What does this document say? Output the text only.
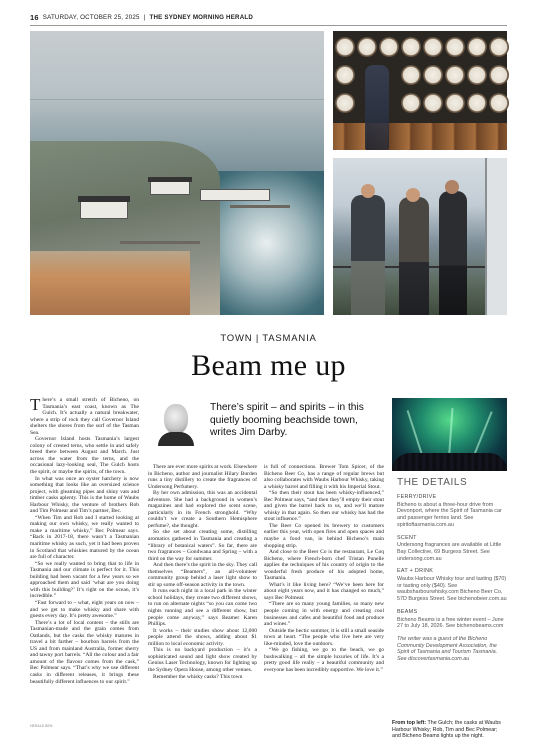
16 SATURDAY, OCTOBER 25, 2025 | THE SYDNEY MORNING HERALD
TOWN | TASMANIA
Beam me up
There’s spirit – and spirits – in this quietly booming beachside town, writes Jim Darby.

There’s a small stretch of Bicheno, on Tasmania’s east coast, known as The Gulch. It’s actually a natural breakwater, where a strip of rock they call Governor Island shelters the shores from the surf of the Tasman Sea.

Governor Island hosts Tasmania’s largest colony of crested terns, who settle in and safely breed there between August and March. Just across the water from the terns, and the occasional lazy-looking seal, The Gulch hosts the spirit, or maybe the spirits, of the town.

In what was once an oyster hatchery is now something that looks like an oversized science project, with gleaming pipes and shiny vats and timber casks aplenty. This is the home of Waubs Harbour Whisky, the venture of brothers Rob and Tim Polmear and Tim’s partner, Bec.

“When Tim and Rob and I started looking at making our own whisky, we really wanted to make a maritime whisky,” Bec Polmear says. “Back in 2017-18, there wasn’t a Tasmanian maritime whisky as such, yet it had been proven in Scotland that whiskies matured by the ocean are full of character.

“So we really wanted to bring that to life in Tasmania and our climate is perfect for it. This building had been vacant for a few years so we approached them and said ‘what are you doing with this building?’ It’s right on the ocean, it’s incredible.”

“Fast forward to – what, eight years on now – and we get to make whisky and share with guests every day. It’s pretty awesome.”

There’s a lot of local content – the stills are Tasmanian-made and the grain comes from Oatlands, but the casks the whisky matures in travel a bit farther – bourbon barrels from the US and from mainland Australia, former sherry and tawny port barrels. “All the colour and a fair amount of the flavour comes from the cask,” Bec Polmear says. “That’s why we use different casks in different releases, it brings these beautifully different influences to our spirit.”

There are ever more spirits at work. Elsewhere in Bicheno, author and journalist Hilary Burden runs a tiny distillery to create the fragrances of Undersong Perfumery.

By her own admission, this was an accidental adventure. She had a background in women’s magazines and had explored the scent scene, particularly in its French stronghold. “Why couldn’t we create a Southern Hemisphere perfume?, she thought.

So she set about creating some, distilling aromatics gathered in Tasmania and creating a “library of botanical waters”. So far, there are two fragrances – Gondwana and Spring – with a third on the way for summer.

And then there’s the spirit in the sky. They call themselves “Beamers”, an all-volunteer community group behind a laser light show to stir up some off-season activity in the town.

It runs each night in a local park in the winter school holidays, they create two different shows, to run on alternate nights “so you can come two nights running and see a different show, but people come anyway,” says Beamer Karen Phillips.

It works – their studies show about 12,000 people attend the shows, adding about $1 million to local economic activity.

This is no backyard production – it’s a sophisticated sound and light show created by Genius Laser Technology, known for lighting up the Sydney Opera House, among other venues.

Remember the whisky casks? This town

is full of connections. Brewer Tom Spicer, of the Bicheno Beer Co, has a range of regular brews but also collaborates with Waubs Harbour Whisky, taking a whisky barrel and filling it with his Imperial Stout.

“So then their stout has been whisky-influenced,” Bec Polmear says, “and then they’ll empty their stout and given the barrel back to us, and we’ll mature whisky in that again. So then our whisky has had the stout influence.”

The Beer Co opened its brewery to customers earlier this year, with open fires and open spaces and maybe a food van, in behind Bicheno’s main shopping strip.

And close to the Beer Co is the restaurant, Le Coq Bicheno, where French-born chef Tristan Punelle applies the techniques of his country of origin to the wonderful fresh produce of his adopted home, Tasmania.

What’s it like living here? “We’ve been here for about eight years now, and it has changed so much,” says Bec Polmear.

“There are so many young families, so many new people coming in with energy and creating cool businesses and cafes and beautiful food and produce and wines.”

Outside the hectic summer, it is still a small seaside town at heart. “The people who live here are very like-minded, love the outdoors.

“We go fishing, we go to the beach, we go bushwalking – all the simple luxuries of life. It’s a pretty good life really – a beautiful community and everyone has been incredibly supportive. We love it.”

HERALD BEN
THE DETAILS
FERRY/DRIVE
Bicheno is about a three-hour drive from Devonport, where the Spirit of Tasmania car and passenger ferries land. See spiritoftasmania.com.au
SCENT
Undersong fragrances are available at Little Bay Collective, 69 Burgess Street. See undersong.com.au
EAT + DRINK
Waubs Harbour Whisky tour and tasting ($70) or tasting only ($40). See waubsharbourwhisky.com Bicheno Beer Co, 57D Burgess Street. See bichenobeer.com.au
BEAMS
Bicheno Beams is a free winter event – June 27 to July 18, 2026. See bichenobeams.com
The writer was a guest of the Bicheno Community Development Association, the Spirit of Tasmania and Tourism Tasmania. See discovertasmania.com.au
From top left: The Gulch; the casks at Waubs Harbour Whisky; Rob, Tim and Bec Polmear; and Bicheno Beams lights up the night.
